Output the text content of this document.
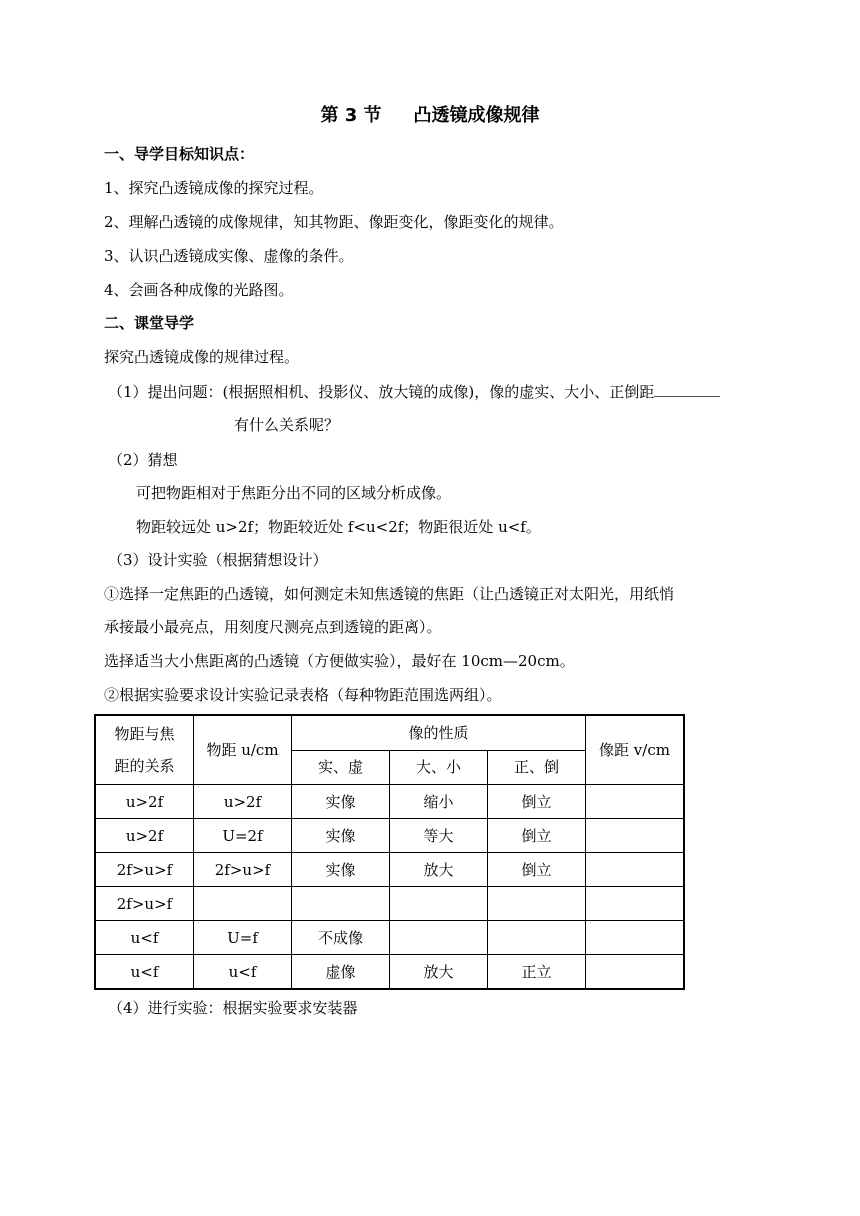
第 3 节 凸透镜成像规律
一、导学目标知识点：
1、探究凸透镜成像的探究过程。
2、理解凸透镜的成像规律，知其物距、像距变化，像距变化的规律。
3、认识凸透镜成实像、虚像的条件。
4、会画各种成像的光路图。
二、课堂导学
探究凸透镜成像的规律过程。
（1）提出问题：(根据照相机、投影仪、放大镜的成像)，像的虚实、大小、正倒距
有什么关系呢？
（2）猜想
可把物距相对于焦距分出不同的区域分析成像。
物距较远处 u>2f；物距较近处 f<u<2f；物距很近处 u<f。
（3）设计实验（根据猜想设计）
①选择一定焦距的凸透镜，如何测定未知焦透镜的焦距（让凸透镜正对太阳光，用纸悄
承接最小最亮点，用刻度尺测亮点到透镜的距离）。
选择适当大小焦距离的凸透镜（方便做实验），最好在 10cm—20cm。
②根据实验要求设计实验记录表格（每种物距范围选两组）。
物距与焦
距的关系	物距 u/cm	像的性质			像距 v/cm
		实、虚	大、小	正、倒	
u>2f	u>2f	实像	缩小	倒立	
u>2f	U=2f	实像	等大	倒立	
2f>u>f	2f>u>f	实像	放大	倒立	
2f>u>f					
u<f	U=f	不成像			
u<f	u<f	虚像	放大	正立	
（4）进行实验：根据实验要求安装器
